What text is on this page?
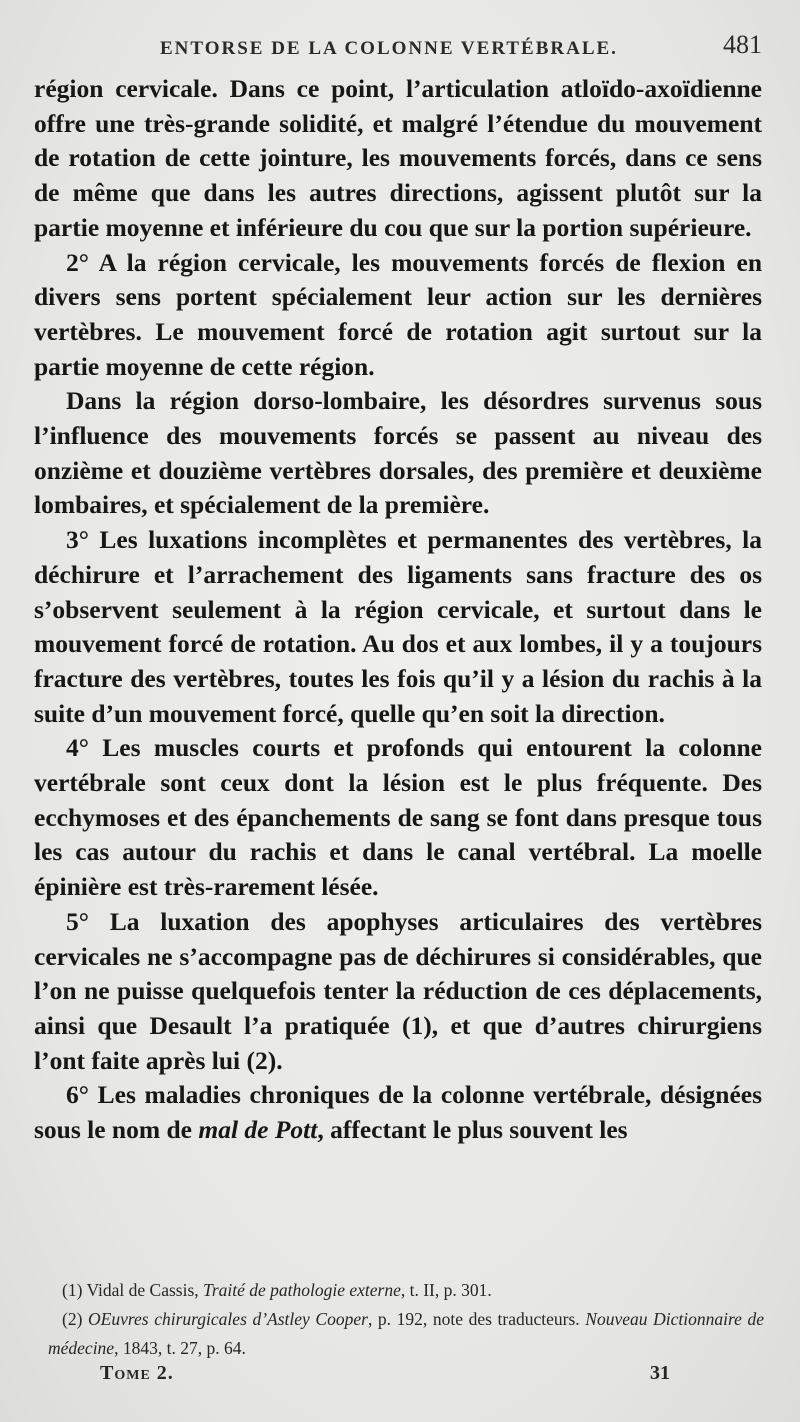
ENTORSE DE LA COLONNE VERTÉBRALE.	481

région cervicale. Dans ce point, l’articulation atloïdo-axoïdienne offre une très-grande solidité, et malgré l’étendue du mouvement de rotation de cette jointure, les mouvements forcés, dans ce sens de même que dans les autres directions, agissent plutôt sur la partie moyenne et inférieure du cou que sur la portion supérieure.

2° A la région cervicale, les mouvements forcés de flexion en divers sens portent spécialement leur action sur les dernières vertèbres. Le mouvement forcé de rotation agit surtout sur la partie moyenne de cette région.

Dans la région dorso-lombaire, les désordres survenus sous l’influence des mouvements forcés se passent au niveau des onzième et douzième vertèbres dorsales, des première et deuxième lombaires, et spécialement de la première.

3° Les luxations incomplètes et permanentes des vertèbres, la déchirure et l’arrachement des ligaments sans fracture des os s’observent seulement à la région cervicale, et surtout dans le mouvement forcé de rotation. Au dos et aux lombes, il y a toujours fracture des vertèbres, toutes les fois qu’il y a lésion du rachis à la suite d’un mouvement forcé, quelle qu’en soit la direction.

4° Les muscles courts et profonds qui entourent la colonne vertébrale sont ceux dont la lésion est le plus fréquente. Des ecchymoses et des épanchements de sang se font dans presque tous les cas autour du rachis et dans le canal vertébral. La moelle épinière est très-rarement lésée.

5° La luxation des apophyses articulaires des vertèbres cervicales ne s’accompagne pas de déchirures si considérables, que l’on ne puisse quelquefois tenter la réduction de ces déplacements, ainsi que Desault l’a pratiquée (1), et que d’autres chirurgiens l’ont faite après lui (2).

6° Les maladies chroniques de la colonne vertébrale, désignées sous le nom de mal de Pott, affectant le plus souvent les

(1) Vidal de Cassis, Traité de pathologie externe, t. II, p. 301.

(2) OEuvres chirurgicales d’Astley Cooper, p. 192, note des traducteurs. Nouveau Dictionnaire de médecine, 1843, t. 27, p. 64.

Tome 2.	31
